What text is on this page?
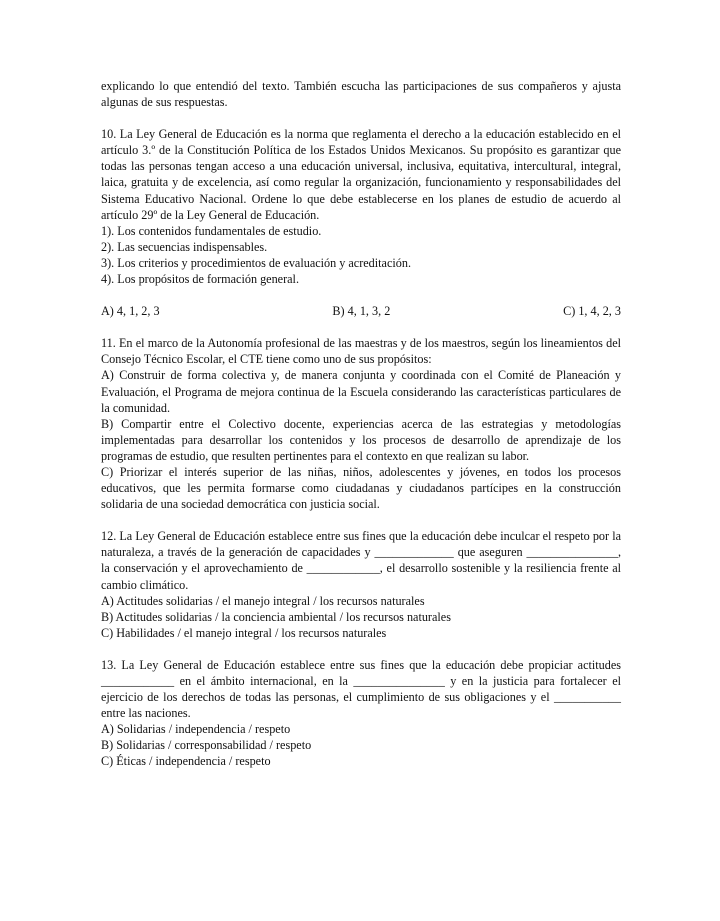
explicando lo que entendió del texto. También escucha las participaciones de sus compañeros y ajusta algunas de sus respuestas.

10. La Ley General de Educación es la norma que reglamenta el derecho a la educación establecido en el artículo 3.º de la Constitución Política de los Estados Unidos Mexicanos. Su propósito es garantizar que todas las personas tengan acceso a una educación universal, inclusiva, equitativa, intercultural, integral, laica, gratuita y de excelencia, así como regular la organización, funcionamiento y responsabilidades del Sistema Educativo Nacional. Ordene lo que debe establecerse en los planes de estudio de acuerdo al artículo 29º de la Ley General de Educación.

1). Los contenidos fundamentales de estudio.

2). Las secuencias indispensables.

3). Los criterios y procedimientos de evaluación y acreditación.

4). Los propósitos de formación general.

A) 4, 1, 2, 3	B) 4, 1, 3, 2	C) 1, 4, 2, 3

11. En el marco de la Autonomía profesional de las maestras y de los maestros, según los lineamientos del Consejo Técnico Escolar, el CTE tiene como uno de sus propósitos:

A) Construir de forma colectiva y, de manera conjunta y coordinada con el Comité de Planeación y Evaluación, el Programa de mejora continua de la Escuela considerando las características particulares de la comunidad.

B) Compartir entre el Colectivo docente, experiencias acerca de las estrategias y metodologías implementadas para desarrollar los contenidos y los procesos de desarrollo de aprendizaje de los programas de estudio, que resulten pertinentes para el contexto en que realizan su labor.

C) Priorizar el interés superior de las niñas, niños, adolescentes y jóvenes, en todos los procesos educativos, que les permita formarse como ciudadanas y ciudadanos partícipes en la construcción solidaria de una sociedad democrática con justicia social.

12. La Ley General de Educación establece entre sus fines que la educación debe inculcar el respeto por la naturaleza, a través de la generación de capacidades y _____________ que aseguren _______________, la conservación y el aprovechamiento de ____________, el desarrollo sostenible y la resiliencia frente al cambio climático.

A) Actitudes solidarias / el manejo integral / los recursos naturales

B) Actitudes solidarias / la conciencia ambiental / los recursos naturales

C) Habilidades / el manejo integral / los recursos naturales

13. La Ley General de Educación establece entre sus fines que la educación debe propiciar actitudes ____________ en el ámbito internacional, en la _______________ y en la justicia para fortalecer el ejercicio de los derechos de todas las personas, el cumplimiento de sus obligaciones y el ___________ entre las naciones.

A) Solidarias / independencia / respeto

B) Solidarias / corresponsabilidad / respeto

C) Éticas / independencia / respeto
